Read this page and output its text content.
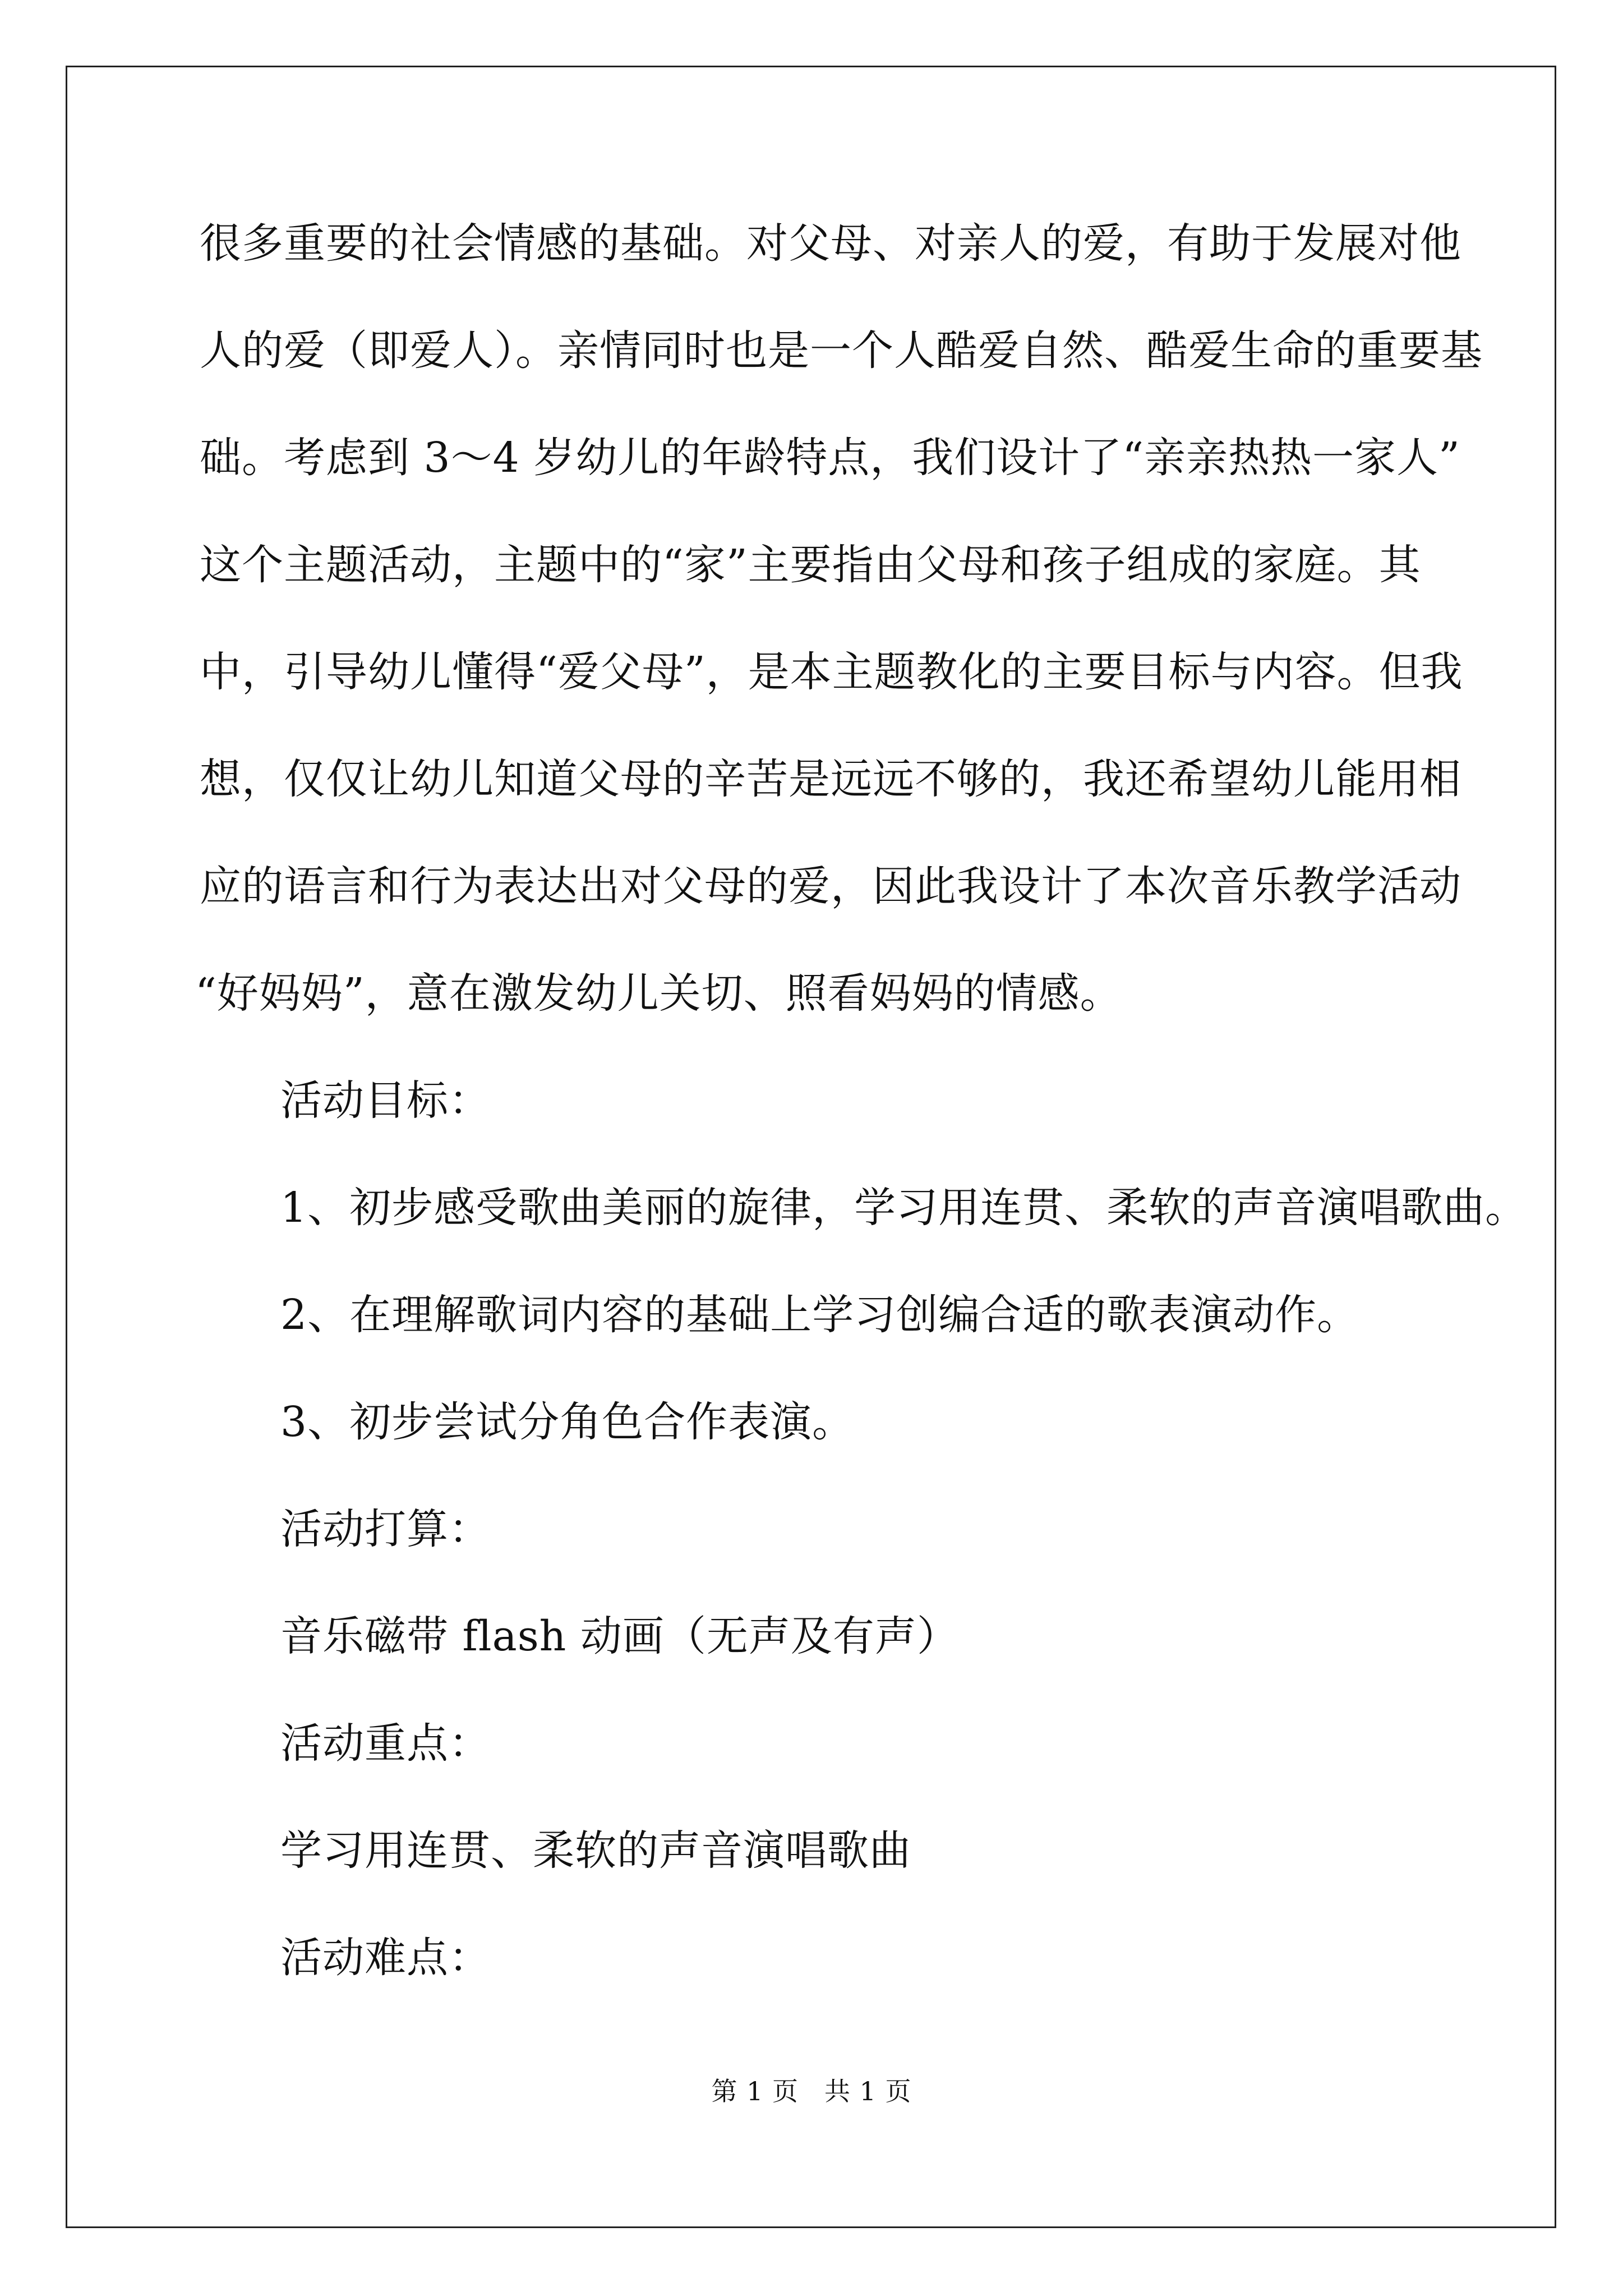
很多重要的社会情感的基础。对父母、对亲人的爱，有助于发展对他
人的爱（即爱人）。亲情同时也是一个人酷爱自然、酷爱生命的重要基
础。考虑到 3～4 岁幼儿的年龄特点，我们设计了“亲亲热热一家人”
这个主题活动，主题中的“家”主要指由父母和孩子组成的家庭。其
中，引导幼儿懂得“爱父母”，是本主题教化的主要目标与内容。但我
想，仅仅让幼儿知道父母的辛苦是远远不够的，我还希望幼儿能用相
应的语言和行为表达出对父母的爱，因此我设计了本次音乐教学活动
“好妈妈”，意在激发幼儿关切、照看妈妈的情感。
活动目标：
1、初步感受歌曲美丽的旋律，学习用连贯、柔软的声音演唱歌曲。
2、在理解歌词内容的基础上学习创编合适的歌表演动作。
3、初步尝试分角色合作表演。
活动打算：
音乐磁带 flash 动画（无声及有声）
活动重点：
学习用连贯、柔软的声音演唱歌曲
活动难点：
第 1 页 共 1 页
